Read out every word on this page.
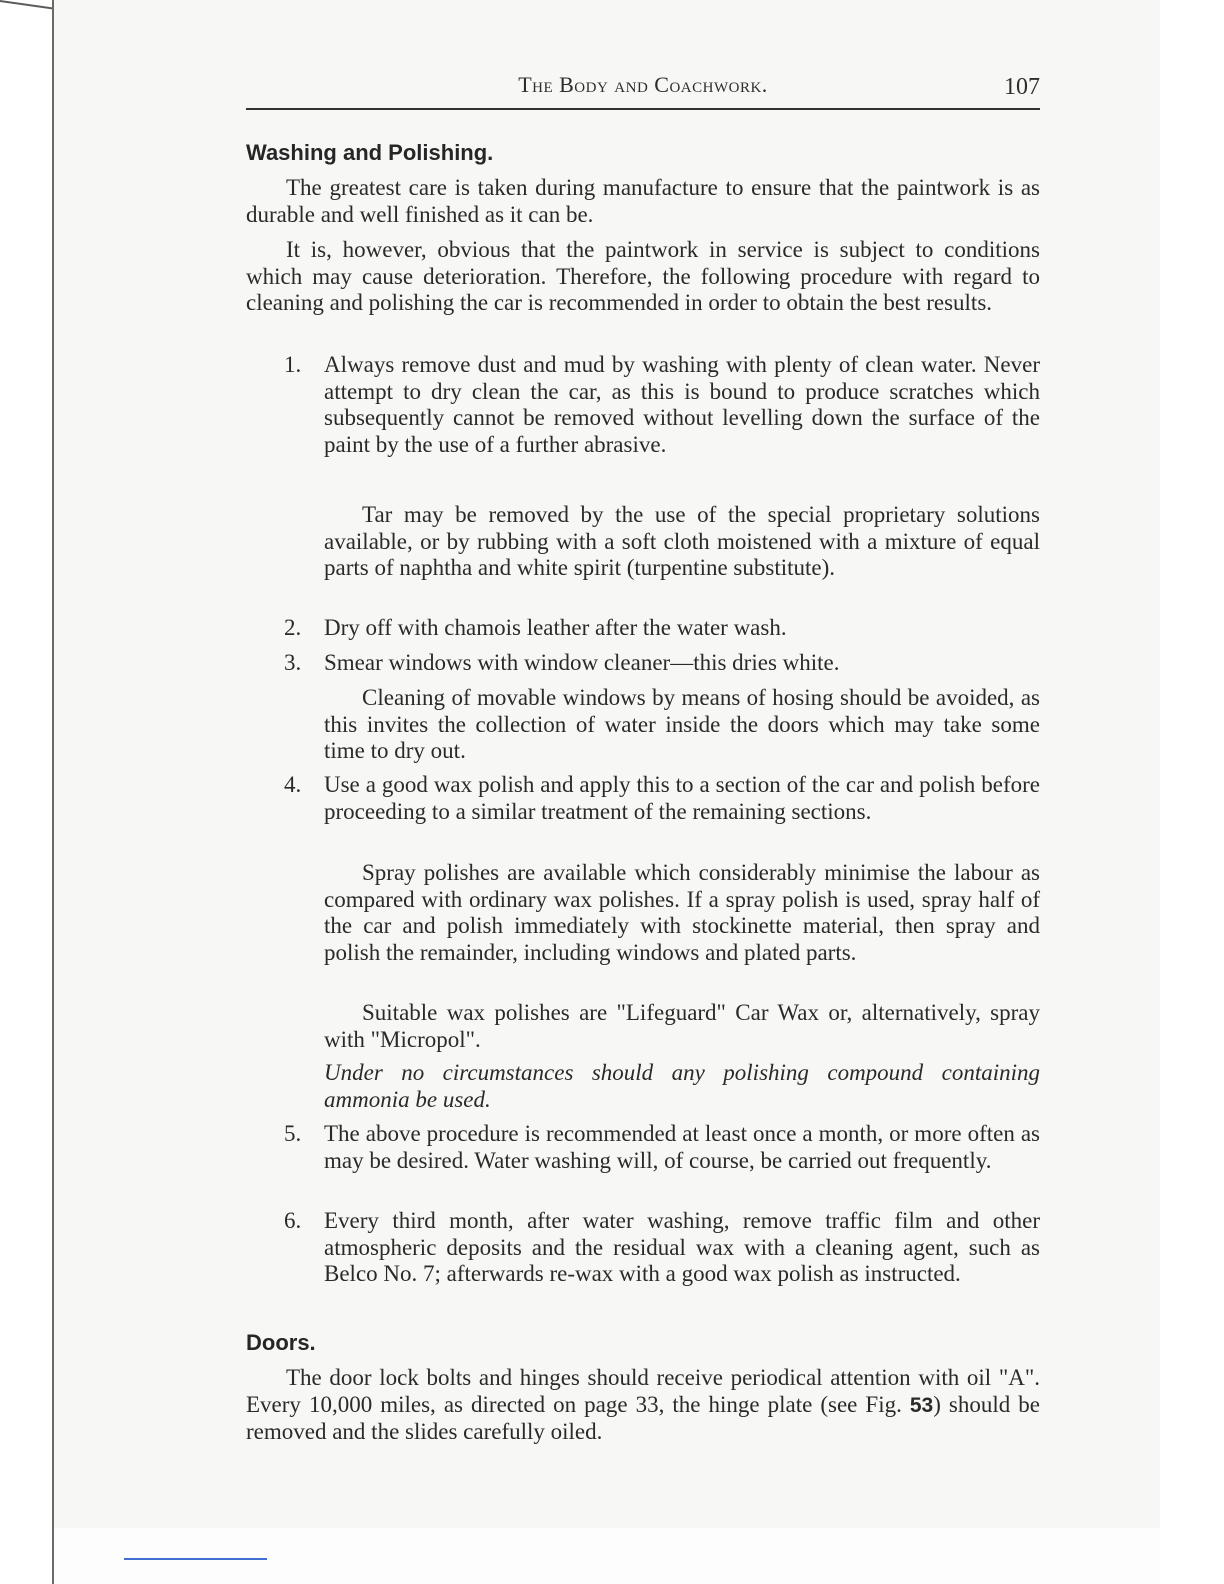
The Body and Coachwork.	107
Washing and Polishing.

The greatest care is taken during manufacture to ensure that the paintwork is as durable and well finished as it can be.

It is, however, obvious that the paintwork in service is subject to conditions which may cause deterioration. Therefore, the following procedure with regard to cleaning and polishing the car is recommended in order to obtain the best results.

1. Always remove dust and mud by washing with plenty of clean water. Never attempt to dry clean the car, as this is bound to produce scratches which subsequently cannot be removed without levelling down the surface of the paint by the use of a further abrasive.

Tar may be removed by the use of the special proprietary solutions available, or by rubbing with a soft cloth moistened with a mixture of equal parts of naphtha and white spirit (turpentine substitute).

2. Dry off with chamois leather after the water wash.

3. Smear windows with window cleaner—this dries white.

Cleaning of movable windows by means of hosing should be avoided, as this invites the collection of water inside the doors which may take some time to dry out.

4. Use a good wax polish and apply this to a section of the car and polish before proceeding to a similar treatment of the remaining sections.

Spray polishes are available which considerably minimise the labour as compared with ordinary wax polishes. If a spray polish is used, spray half of the car and polish immediately with stockinette material, then spray and polish the remainder, including windows and plated parts.

Suitable wax polishes are "Lifeguard" Car Wax or, alternatively, spray with "Micropol".

Under no circumstances should any polishing compound containing ammonia be used.

5. The above procedure is recommended at least once a month, or more often as may be desired. Water washing will, of course, be carried out frequently.

6. Every third month, after water washing, remove traffic film and other atmospheric deposits and the residual wax with a cleaning agent, such as Belco No. 7; afterwards re-wax with a good wax polish as instructed.

Doors.

The door lock bolts and hinges should receive periodical attention with oil "A". Every 10,000 miles, as directed on page 33, the hinge plate (see Fig. 53) should be removed and the slides carefully oiled.
